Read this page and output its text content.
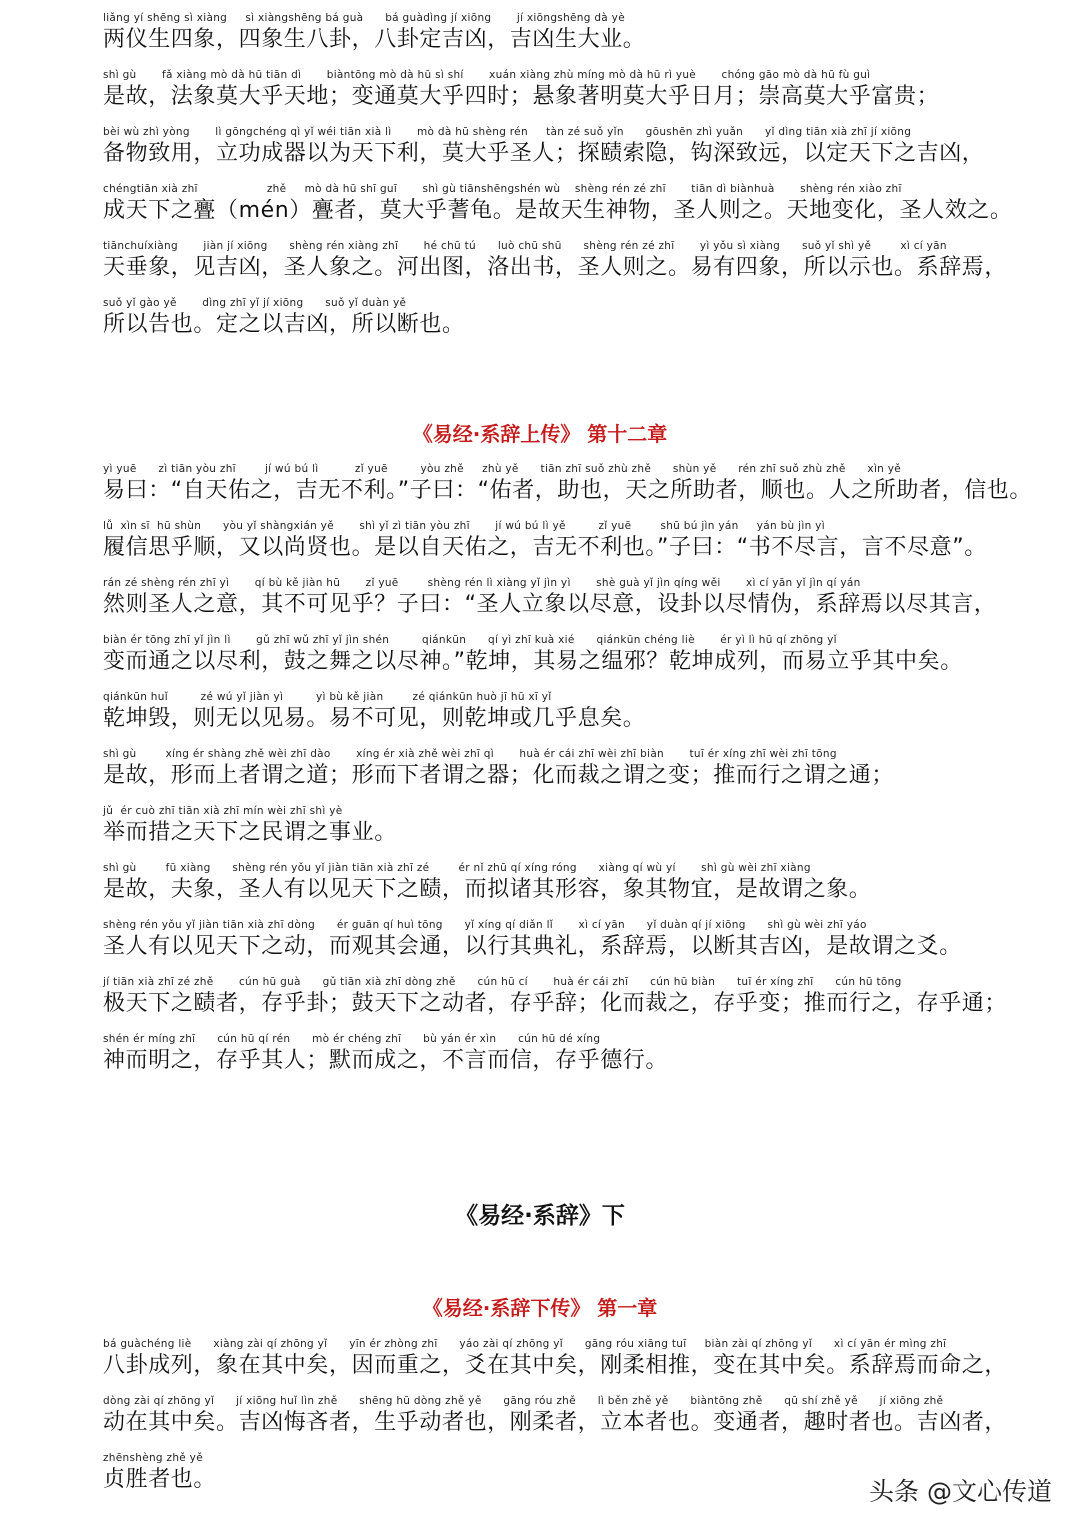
liǎng yí shēng sì xiàng     sì xiàngshēng bá guà      bá guàdìng jí xiōng       jí xiōngshēng dà yè
两仪生四象，四象生八卦，八卦定吉凶，吉凶生大业。
shì gù       fǎ xiàng mò dà hū tiān dì       biàntōng mò dà hū sì shí       xuán xiàng zhù míng mò dà hū rì yuè       chóng gāo mò dà hū fù guì
是故，法象莫大乎天地；变通莫大乎四时；悬象著明莫大乎日月；崇高莫大乎富贵；
bèi wù zhì yòng       lì gōngchéng qì yǐ wéi tiān xià lì       mò dà hū shèng rén     tàn zé suǒ yǐn      gōushēn zhì yuǎn      yǐ dìng tiān xià zhī jí xiōng
备物致用，立功成器以为天下利，莫大乎圣人；探赜索隐，钩深致远，以定天下之吉凶，
chéngtiān xià zhī                   zhě     mò dà hū shī guī       shì gù tiānshēngshén wù    shèng rén zé zhī       tiān dì biànhuà       shèng rén xiào zhī
成天下之亹（mén）亹者，莫大乎蓍龟。是故天生神物，圣人则之。天地变化，圣人效之。
tiānchuíxiàng       jiàn jí xiōng      shèng rén xiàng zhī       hé chū tú      luò chū shū      shèng rén zé zhī       yì yǒu sì xiàng      suǒ yǐ shì yě        xì cí yān
天垂象，见吉凶，圣人象之。河出图，洛出书，圣人则之。易有四象，所以示也。系辞焉，
suǒ yǐ gào yě       dìng zhī yǐ jí xiōng      suǒ yǐ duàn yě
所以告也。定之以吉凶，所以断也。
《易经·系辞上传》 第十二章
yì yuē      zì tiān yòu zhī        jí wú bú lì          zǐ yuē         yòu zhě     zhù yě      tiān zhī suǒ zhù zhě      shùn yě      rén zhī suǒ zhù zhě      xìn yě
易曰：“自天佑之，吉无不利。”子曰：“佑者，助也，天之所助者，顺也。人之所助者，信也。
lǚ  xìn sī  hū shùn      yòu yǐ shàngxián yě       shì yǐ zì tiān yòu zhī       jí wú bú lì yě         zǐ yuē        shū bú jìn yán     yán bù jìn yì
履信思乎顺，又以尚贤也。是以自天佑之，吉无不利也。”子曰：“书不尽言，言不尽意”。
rán zé shèng rén zhī yì       qí bù kě jiàn hū       zǐ yuē        shèng rén lì xiàng yǐ jìn yì       shè guà yǐ jìn qíng wěi       xì cí yān yǐ jìn qí yán
然则圣人之意，其不可见乎？子曰：“圣人立象以尽意，设卦以尽情伪，系辞焉以尽其言，
biàn ér tōng zhī yǐ jìn lì       gǔ zhī wǔ zhī yǐ jìn shén         qiánkūn      qí yì zhī kuà xié      qiánkūn chéng liè       ér yì lì hū qí zhōng yǐ
变而通之以尽利，鼓之舞之以尽神。”乾坤，其易之缊邪？乾坤成列，而易立乎其中矣。
qiánkūn huǐ         zé wú yǐ jiàn yì         yì bù kě jiàn        zé qiánkūn huò jī hū xī yǐ
乾坤毁，则无以见易。易不可见，则乾坤或几乎息矣。
shì gù        xíng ér shàng zhě wèi zhī dào       xíng ér xià zhě wèi zhī qì       huà ér cái zhī wèi zhī biàn       tuī ér xíng zhī wèi zhī tōng
是故，形而上者谓之道；形而下者谓之器；化而裁之谓之变；推而行之谓之通；
jǔ  ér cuò zhī tiān xià zhī mín wèi zhī shì yè
举而措之天下之民谓之事业。
shì gù        fū xiàng      shèng rén yǒu yǐ jiàn tiān xià zhī zé        ér nǐ zhū qí xíng róng      xiàng qí wù yí       shì gù wèi zhī xiàng
是故，夫象，圣人有以见天下之赜，而拟诸其形容，象其物宜，是故谓之象。
shèng rén yǒu yǐ jiàn tiān xià zhī dòng      ér guān qí huì tōng      yǐ xíng qí diǎn lǐ       xì cí yān      yǐ duàn qí jí xiōng      shì gù wèi zhī yáo
圣人有以见天下之动，而观其会通，以行其典礼，系辞焉，以断其吉凶，是故谓之爻。
jí tiān xià zhī zé zhě       cún hū guà      gǔ tiān xià zhī dòng zhě      cún hū cí       huà ér cái zhī      cún hū biàn      tuī ér xíng zhī      cún hū tōng
极天下之赜者，存乎卦；鼓天下之动者，存乎辞；化而裁之，存乎变；推而行之，存乎通；
shén ér míng zhī      cún hū qí rén      mò ér chéng zhī      bù yán ér xìn      cún hū dé xíng
神而明之，存乎其人；默而成之，不言而信，存乎德行。
《易经·系辞》下
《易经·系辞下传》 第一章
bá guàchéng liè      xiàng zài qí zhōng yǐ      yīn ér zhòng zhī      yáo zài qí zhōng yǐ      gāng róu xiāng tuī     biàn zài qí zhōng yǐ      xì cí yān ér mìng zhī
八卦成列，象在其中矣，因而重之，爻在其中矣，刚柔相推，变在其中矣。系辞焉而命之，
dòng zài qí zhōng yǐ      jí xiōng huǐ lìn zhě      shēng hū dòng zhě yě      gāng róu zhě      lì běn zhě yě      biàntōng zhě      qū shí zhě yě      jí xiōng zhě
动在其中矣。吉凶悔吝者，生乎动者也，刚柔者，立本者也。变通者，趣时者也。吉凶者，
zhēnshèng zhě yě
贞胜者也。	头条 @文心传道
